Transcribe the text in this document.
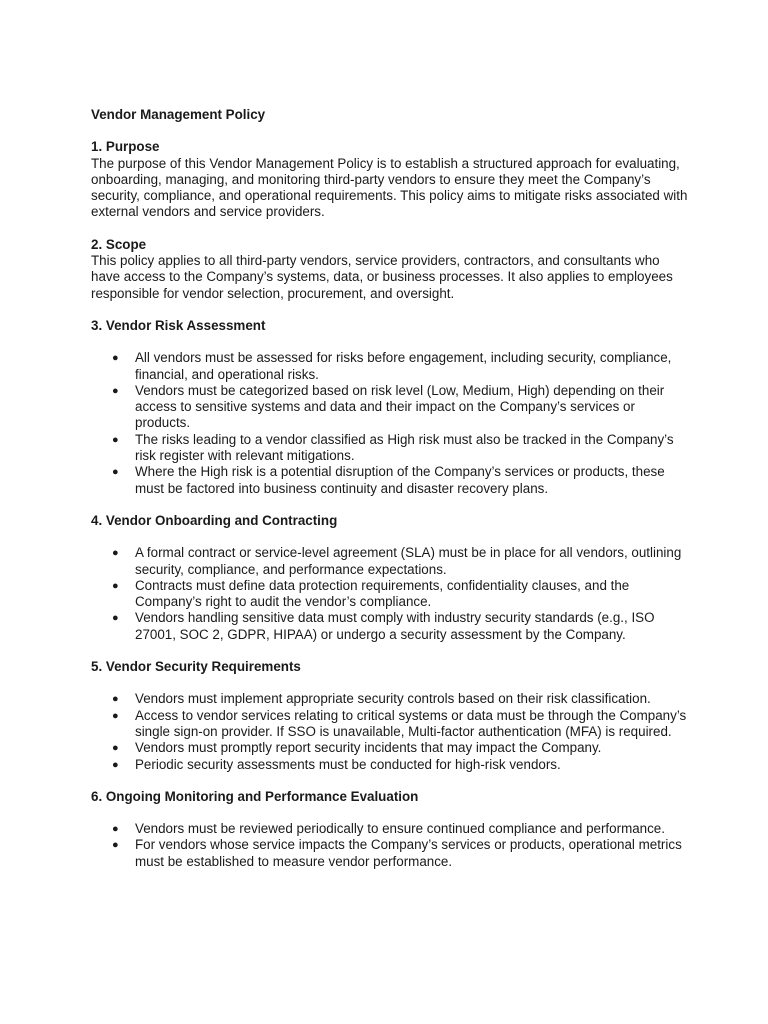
Vendor Management Policy
1. Purpose

The purpose of this Vendor Management Policy is to establish a structured approach for evaluating, onboarding, managing, and monitoring third-party vendors to ensure they meet the Company’s security, compliance, and operational requirements. This policy aims to mitigate risks associated with external vendors and service providers.

2. Scope

This policy applies to all third-party vendors, service providers, contractors, and consultants who have access to the Company’s systems, data, or business processes. It also applies to employees responsible for vendor selection, procurement, and oversight.

3. Vendor Risk Assessment
● All vendors must be assessed for risks before engagement, including security, compliance, financial, and operational risks.
● Vendors must be categorized based on risk level (Low, Medium, High) depending on their access to sensitive systems and data and their impact on the Company’s services or products.
● The risks leading to a vendor classified as High risk must also be tracked in the Company’s risk register with relevant mitigations.
● Where the High risk is a potential disruption of the Company’s services or products, these must be factored into business continuity and disaster recovery plans.
4. Vendor Onboarding and Contracting
● A formal contract or service-level agreement (SLA) must be in place for all vendors, outlining security, compliance, and performance expectations.
● Contracts must define data protection requirements, confidentiality clauses, and the Company’s right to audit the vendor’s compliance.
● Vendors handling sensitive data must comply with industry security standards (e.g., ISO 27001, SOC 2, GDPR, HIPAA) or undergo a security assessment by the Company.
5. Vendor Security Requirements
● Vendors must implement appropriate security controls based on their risk classification.
● Access to vendor services relating to critical systems or data must be through the Company’s single sign-on provider. If SSO is unavailable, Multi-factor authentication (MFA) is required.
● Vendors must promptly report security incidents that may impact the Company.
● Periodic security assessments must be conducted for high-risk vendors.
6. Ongoing Monitoring and Performance Evaluation
● Vendors must be reviewed periodically to ensure continued compliance and performance.
● For vendors whose service impacts the Company’s services or products, operational metrics must be established to measure vendor performance.
